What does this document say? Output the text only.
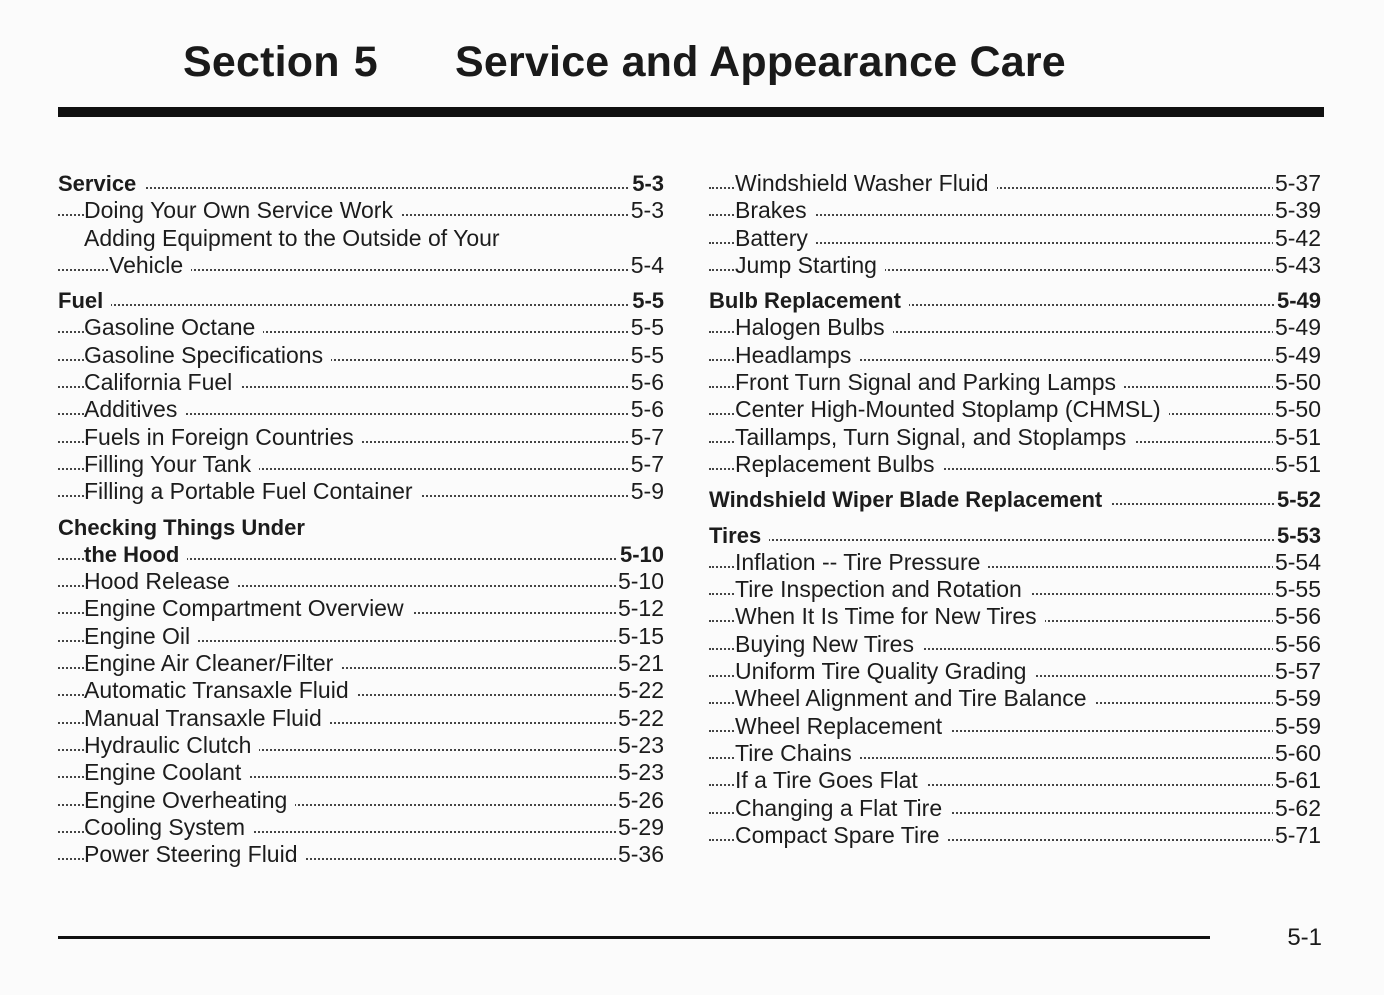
Section 5 Service and Appearance Care
Service	5-3
Doing Your Own Service Work	5-3
Adding Equipment to the Outside of Your
Vehicle	5-4
Fuel	5-5
Gasoline Octane	5-5
Gasoline Specifications	5-5
California Fuel	5-6
Additives	5-6
Fuels in Foreign Countries	5-7
Filling Your Tank	5-7
Filling a Portable Fuel Container	5-9
Checking Things Under
the Hood	5-10
Hood Release	5-10
Engine Compartment Overview	5-12
Engine Oil	5-15
Engine Air Cleaner/Filter	5-21
Automatic Transaxle Fluid	5-22
Manual Transaxle Fluid	5-22
Hydraulic Clutch	5-23
Engine Coolant	5-23
Engine Overheating	5-26
Cooling System	5-29
Power Steering Fluid	5-36
Windshield Washer Fluid	5-37
Brakes	5-39
Battery	5-42
Jump Starting	5-43
Bulb Replacement	5-49
Halogen Bulbs	5-49
Headlamps	5-49
Front Turn Signal and Parking Lamps	5-50
Center High-Mounted Stoplamp (CHMSL)	5-50
Taillamps, Turn Signal, and Stoplamps	5-51
Replacement Bulbs	5-51
Windshield Wiper Blade Replacement	5-52
Tires	5-53
Inflation -- Tire Pressure	5-54
Tire Inspection and Rotation	5-55
When It Is Time for New Tires	5-56
Buying New Tires	5-56
Uniform Tire Quality Grading	5-57
Wheel Alignment and Tire Balance	5-59
Wheel Replacement	5-59
Tire Chains	5-60
If a Tire Goes Flat	5-61
Changing a Flat Tire	5-62
Compact Spare Tire	5-71
5-1
